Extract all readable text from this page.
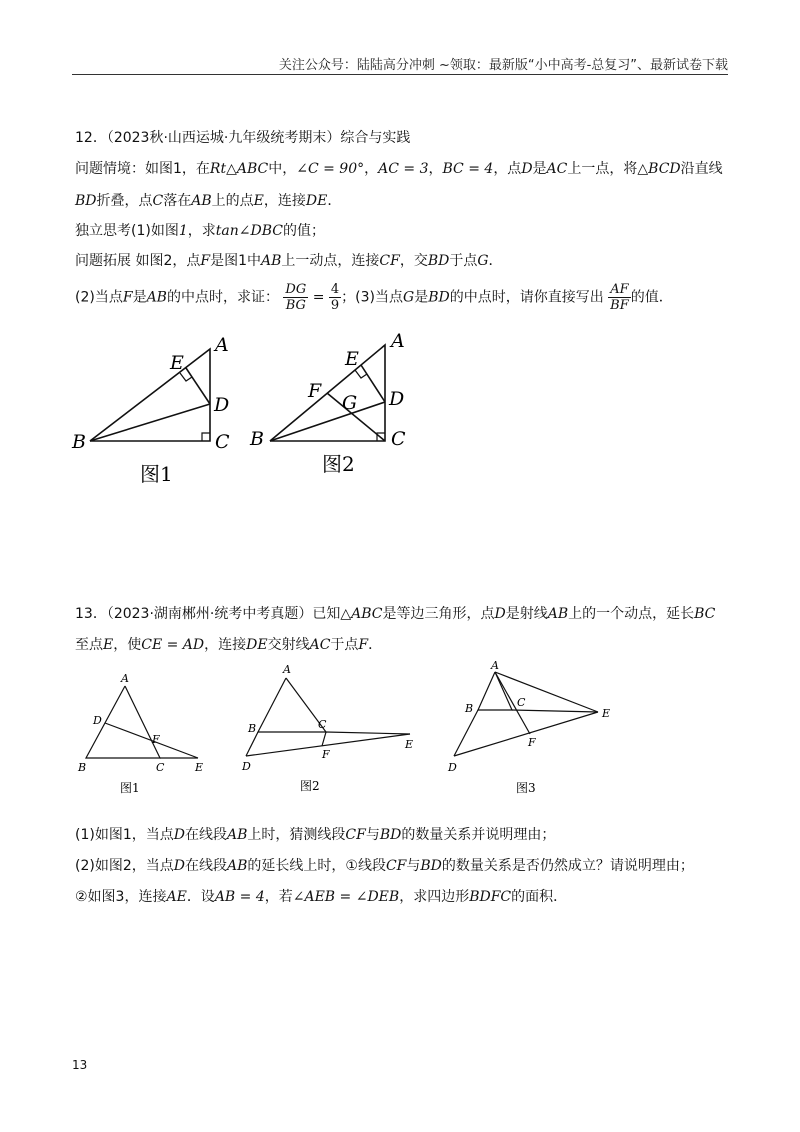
关注公众号：陆陆高分冲刺 ~领取：最新版“小中高考-总复习”、最新试卷下载
12．（2023秋·山西运城·九年级统考期末）综合与实践
问题情境：如图1，在Rt△ABC中，∠C = 90°，AC = 3，BC = 4，点D是AC上一点，将△BCD沿直线
BD折叠，点C落在AB上的点E，连接DE．
独立思考(1)如图1，求tan∠DBC的值；
问题拓展 如图2，点F是图1中AB上一动点，连接CF，交BD于点G．
(2)当点F是AB的中点时，求证： $\frac{DG}{BG} = \frac{4}{9}$ ；(3)当点G是BD的中点时，请你直接写出 $\frac{AF}{BF}$ 的值．
A
E
D
B	C
图1
A
E
F
G D
B	C
图2
13．（2023·湖南郴州·统考中考真题）已知△ABC是等边三角形，点D是射线AB上的一个动点，延长BC
至点E，使CE = AD，连接DE交射线AC于点F．
A
D
F
B	C	E
图1
A
B	C
E
F
D
图2
A
B	C
E
F
D
图3
(1)如图1，当点D在线段AB上时，猜测线段CF与BD的数量关系并说明理由；
(2)如图2，当点D在线段AB的延长线上时，①线段CF与BD的数量关系是否仍然成立？请说明理由；
②如图3，连接AE．设AB = 4，若∠AEB = ∠DEB，求四边形BDFC的面积．
13
